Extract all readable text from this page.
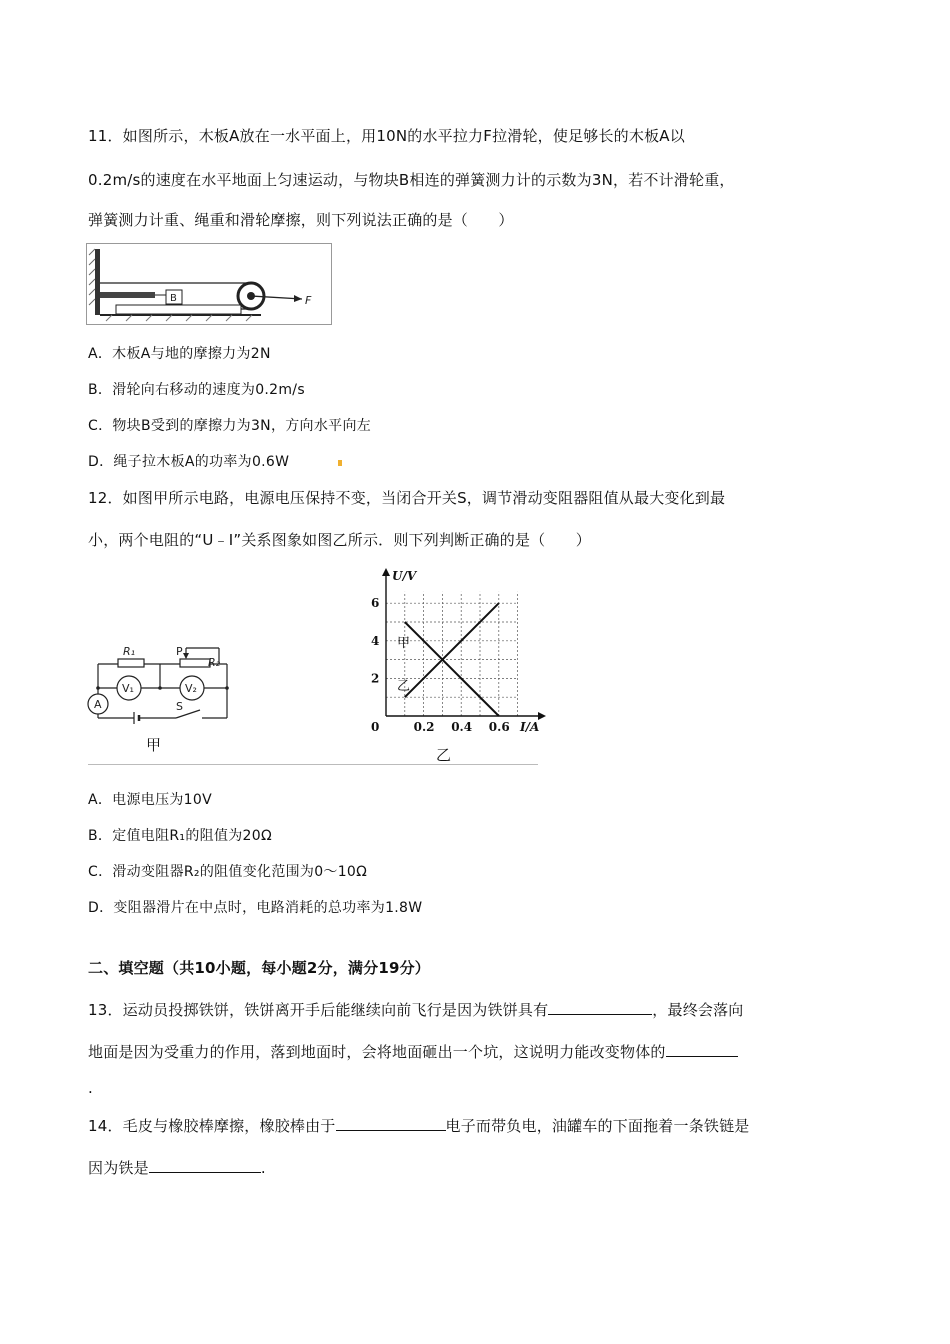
11．如图所示，木板A放在一水平面上，用10N的水平拉力F拉滑轮，使足够长的木板A以
0.2m/s的速度在水平地面上匀速运动，与物块B相连的弹簧测力计的示数为3N，若不计滑轮重，
弹簧测力计重、绳重和滑轮摩擦，则下列说法正确的是（　　）
B	F
A．木板A与地的摩擦力为2N
B．滑轮向右移动的速度为0.2m/s
C．物块B受到的摩擦力为3N，方向水平向左
D．绳子拉木板A的功率为0.6W
12．如图甲所示电路，电源电压保持不变，当闭合开关S，调节滑动变阻器阻值从最大变化到最
小，两个电阻的“U﹣I”关系图象如图乙所示．则下列判断正确的是（　　）
R₁	P
R₂
V₁	V₂
A	S
甲
0.2 0.4 0.6
2
4
6
0	I/A
U/V
甲
乙
乙
A．电源电压为10V
B．定值电阻R₁的阻值为20Ω
C．滑动变阻器R₂的阻值变化范围为0～10Ω
D．变阻器滑片在中点时，电路消耗的总功率为1.8W
二、填空题（共10小题，每小题2分，满分19分）
13．运动员投掷铁饼，铁饼离开手后能继续向前飞行是因为铁饼具有	，最终会落向
地面是因为受重力的作用，落到地面时，会将地面砸出一个坑，这说明力能改变物体的
.
14．毛皮与橡胶棒摩擦，橡胶棒由于	电子而带负电，油罐车的下面拖着一条铁链是
因为铁是	.
